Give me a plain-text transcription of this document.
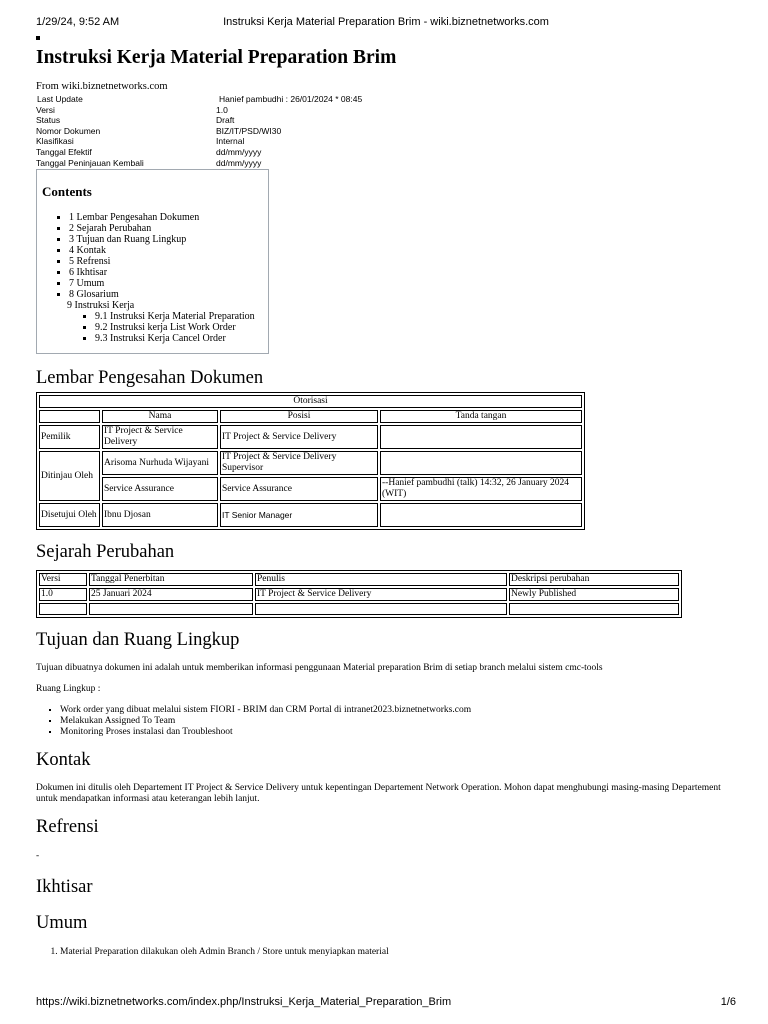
1/29/24, 9:52 AM	Instruksi Kerja Material Preparation Brim - wiki.biznetnetworks.com
Instruksi Kerja Material Preparation Brim
From wiki.biznetnetworks.com
Last Update	Hanief pambudhi : 26/01/2024 * 08:45
Versi	1.0
Status	Draft
Nomor Dokumen	BIZ/IT/PSD/WI30
Klasifikasi	Internal
Tanggal Efektif	dd/mm/yyyy
Tanggal Peninjauan Kembali	dd/mm/yyyy
Contents
▪ 1 Lembar Pengesahan Dokumen
▪ 2 Sejarah Perubahan
▪ 3 Tujuan dan Ruang Lingkup
▪ 4 Kontak
▪ 5 Refrensi
▪ 6 Ikhtisar
▪ 7 Umum
▪ 8 Glosarium
9 Instruksi Kerja
▪ 9.1 Instruksi Kerja Material Preparation
▪ 9.2 Instruksi kerja List Work Order
▪ 9.3 Instruksi Kerja Cancel Order
Lembar Pengesahan Dokumen
Otorisasi			
	Nama	Posisi	Tanda tangan
Pemilik	IT Project & Service Delivery	IT Project & Service Delivery	
Ditinjau Oleh	Arisoma Nurhuda Wijayani	IT Project & Service Delivery Supervisor	
	Service Assurance	Service Assurance	--Hanief pambudhi (talk) 14:32, 26 January 2024 (WIT)
Disetujui Oleh	Ibnu Djosan	IT Senior Manager	
Sejarah Perubahan
Versi	Tanggal Penerbitan	Penulis	Deskripsi perubahan
1.0	25 Januari 2024	IT Project & Service Delivery	Newly Published

Tujuan dan Ruang Lingkup

Tujuan dibuatnya dokumen ini adalah untuk memberikan informasi penggunaan Material preparation Brim di setiap branch melalui sistem cmc-tools

Ruang Lingkup :

▪ Work order yang dibuat melalui sistem FIORI - BRIM dan CRM Portal di intranet2023.biznetnetworks.com
▪ Melakukan Assigned To Team
▪ Monitoring Proses instalasi dan Troubleshoot
Kontak

Dokumen ini ditulis oleh Departement IT Project & Service Delivery untuk kepentingan Departement Network Operation. Mohon dapat menghubungi masing-masing Departement untuk mendapatkan informasi atau keterangan lebih lanjut.

Refrensi

-

Ikhtisar
Umum
1. Material Preparation dilakukan oleh Admin Branch / Store untuk menyiapkan material
https://wiki.biznetnetworks.com/index.php/Instruksi_Kerja_Material_Preparation_Brim	1/6
